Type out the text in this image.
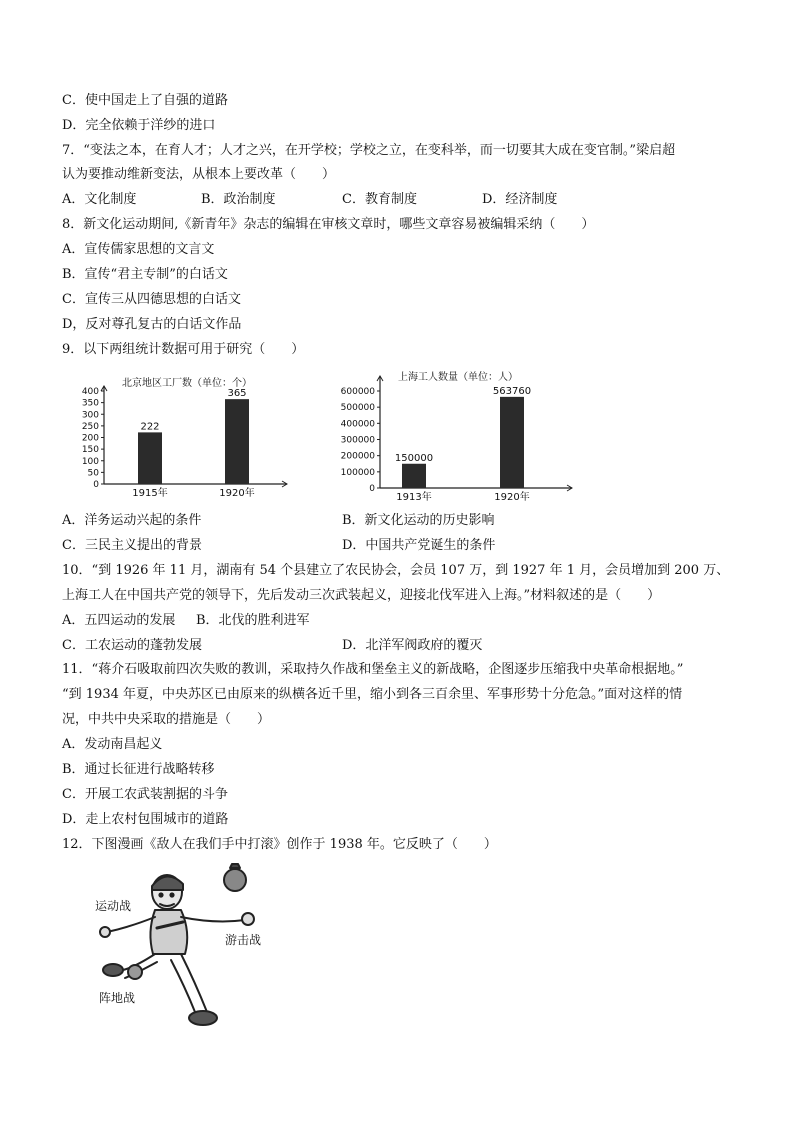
C．使中国走上了自强的道路
D．完全依赖于洋纱的进口
7．“变法之本，在育人才；人才之兴，在开学校；学校之立，在变科举，而一切要其大成在变官制。”梁启超
认为要推动维新变法，从根本上要改革（　　）
A．文化制度	B．政治制度	C．教育制度	D．经济制度
8．新文化运动期间,《新青年》杂志的编辑在审核文章时，哪些文章容易被编辑采纳（　　）
A．宣传儒家思想的文言文
B．宣传“君主专制”的白话文
C．宣传三从四德思想的白话文
D，反对尊孔复古的白话文作品
9．以下两组统计数据可用于研究（　　）
北京地区工厂数（单位：个）
400
350
300
250
200
150
100
50
0
222
1915年
365
1920年
上海工人数量（单位：人）
600000
500000
400000
300000
200000
100000
0
150000
1913年
563760
1920年
A．洋务运动兴起的条件	B．新文化运动的历史影响
C．三民主义提出的背景	D．中国共产党诞生的条件
10．“到 1926 年 11 月，湖南有 54 个县建立了农民协会，会员 107 万，到 1927 年 1 月，会员增加到 200 万、
上海工人在中国共产党的领导下，先后发动三次武装起义，迎接北伐军进入上海。”材料叙述的是（　　）
A．五四运动的发展 B．北伐的胜利进军
C．工农运动的蓬勃发展	D．北洋军阀政府的覆灭
11．“蒋介石吸取前四次失败的教训，采取持久作战和堡垒主义的新战略，企图逐步压缩我中央革命根据地。”
“到 1934 年夏，中央苏区已由原来的纵横各近千里，缩小到各三百余里、军事形势十分危急。”面对这样的情
况，中共中央采取的措施是（　　）
A．发动南昌起义
B．通过长征进行战略转移
C．开展工农武装割据的斗争
D．走上农村包围城市的道路
12．下图漫画《敌人在我们手中打滚》创作于 1938 年。它反映了（　　）
运动战
游击战
阵地战
